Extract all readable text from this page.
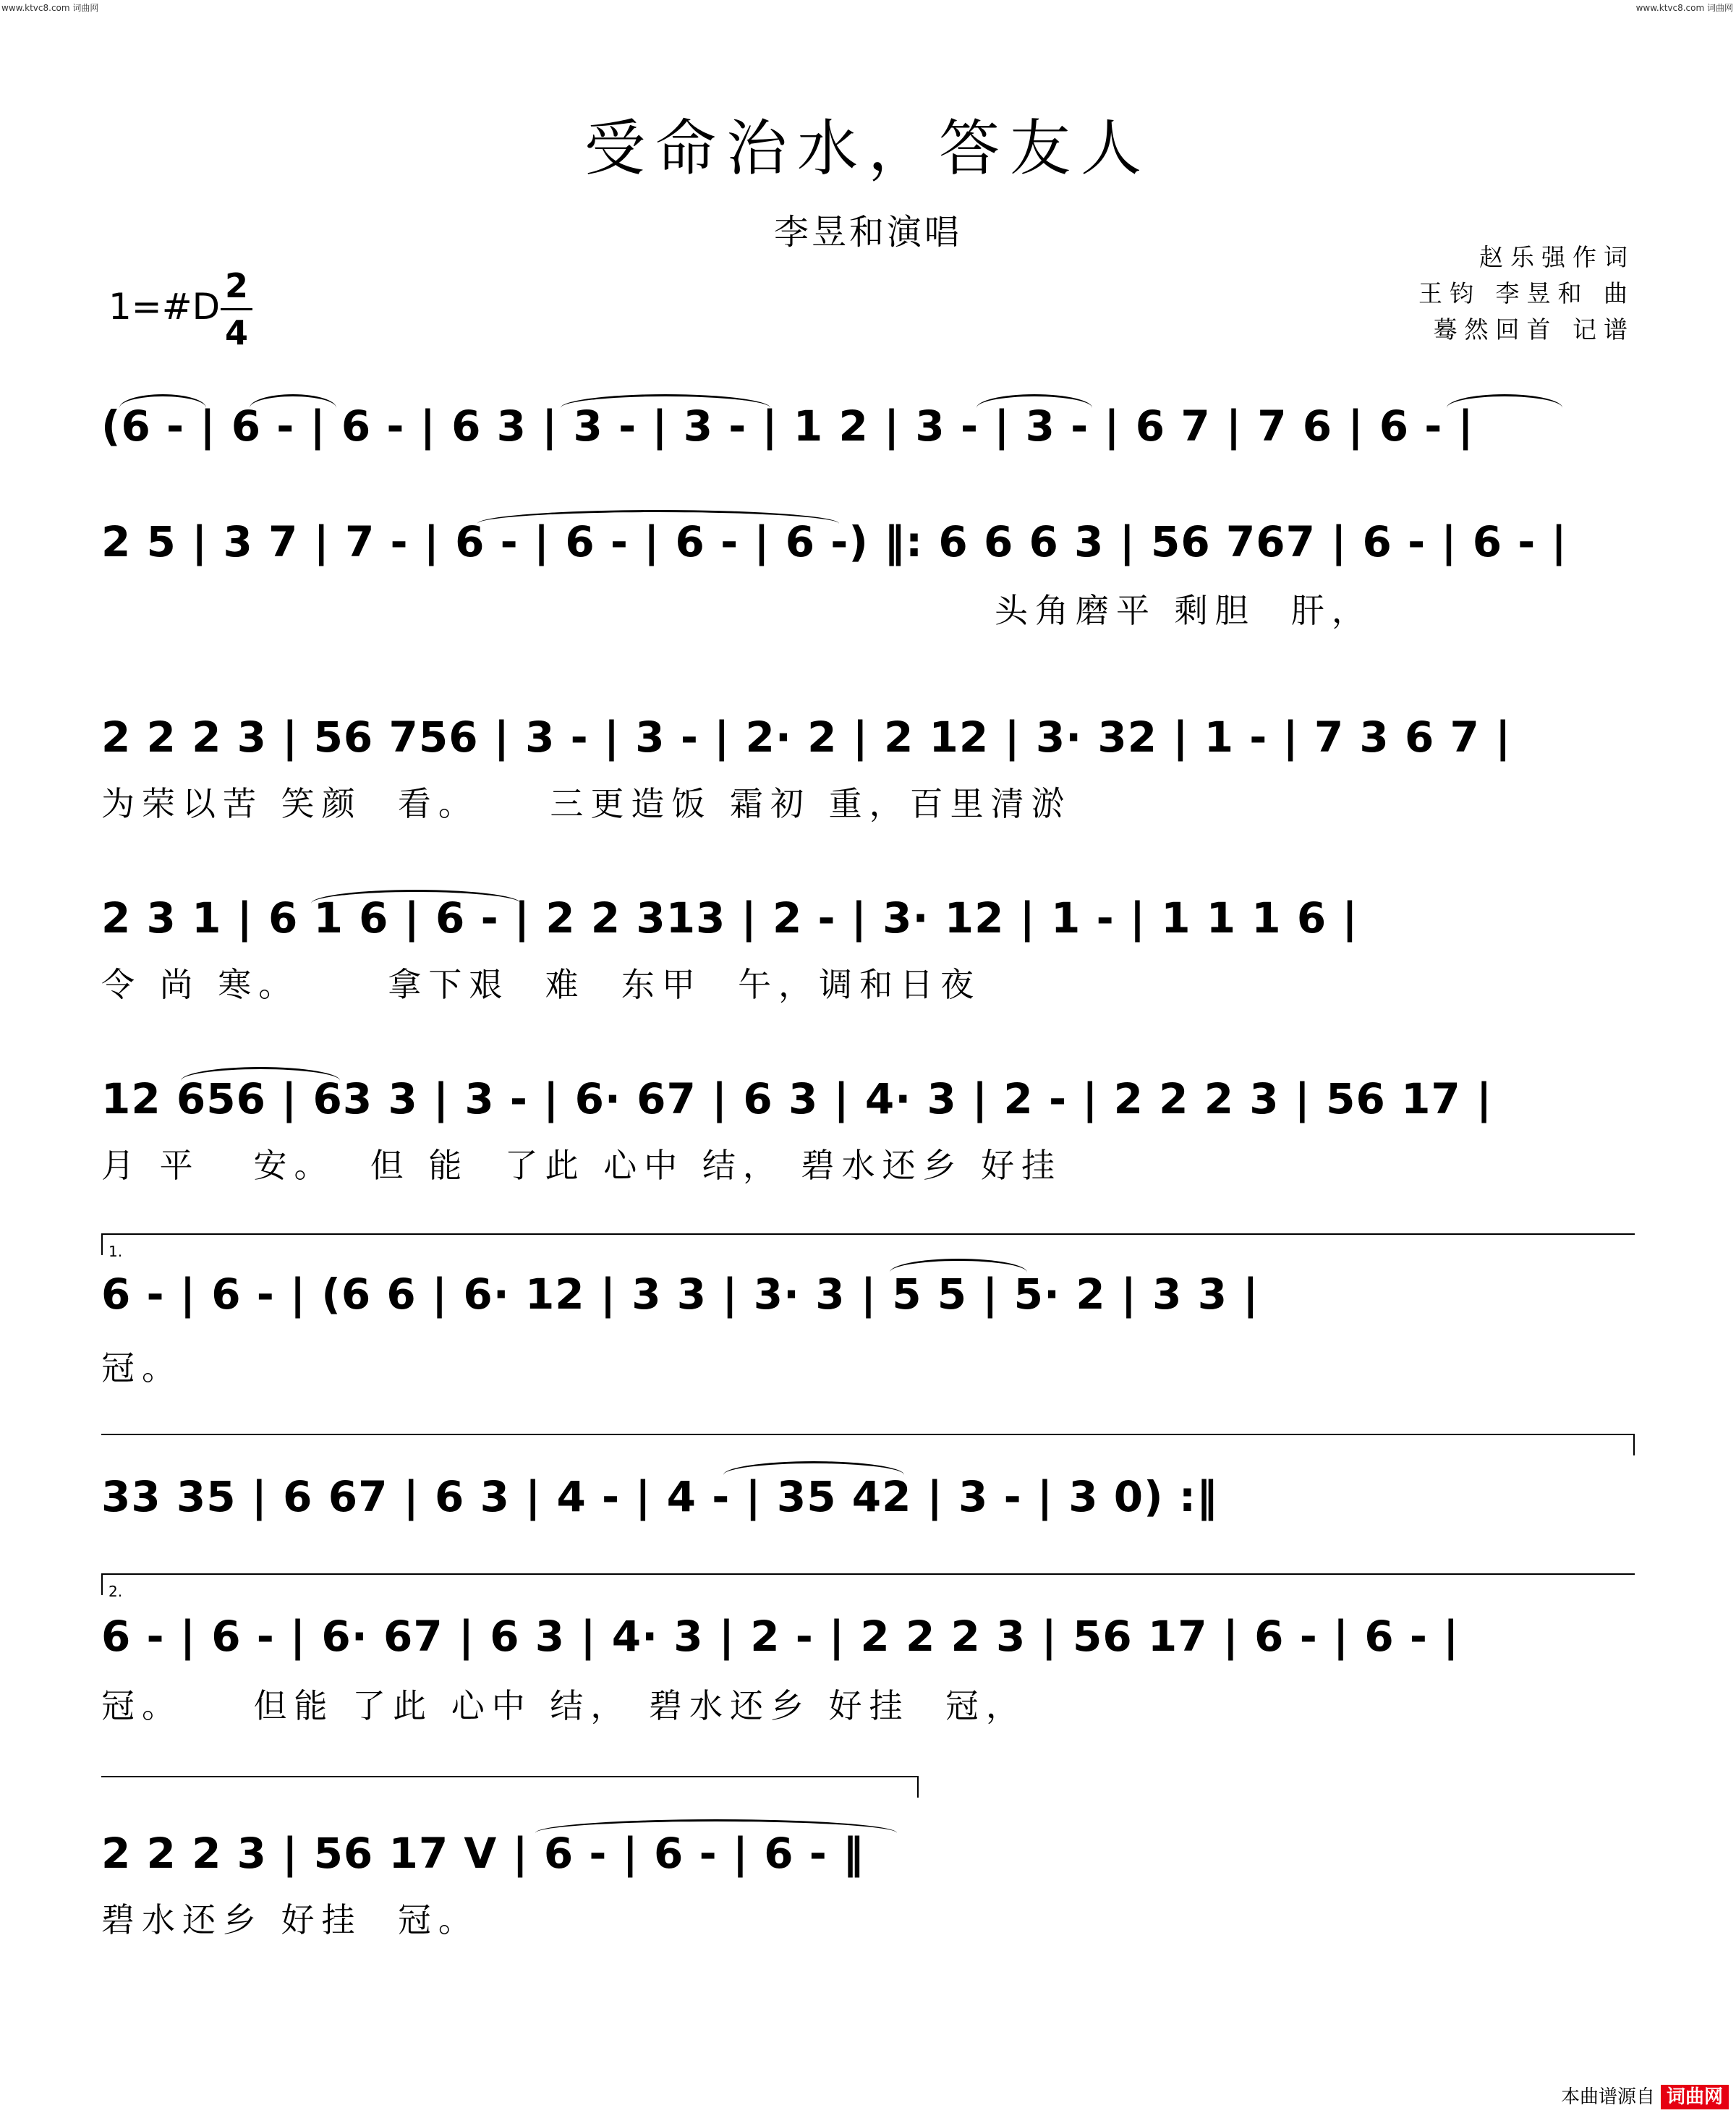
www.ktvc8.com 词曲网	www.ktvc8.com 词曲网
受命治水，答友人
李昱和演唱
赵乐强作词
王钧 李昱和 曲
蓦然回首 记谱
1=#D 2
4
(6 - | 6 - | 6 - | 6 3 | 3 - | 3 - | 1 2 | 3 - | 3 - | 6 7 | 7 6 | 6 - |
2 5 | 3 7 | 7 - | 6 - | 6 - | 6 - | 6 -) ‖: 6 6 6 3 | 56 767 | 6 - | 6 - |
头角磨平 剩胆  肝，
2 2 2 3 | 56 756 | 3 - | 3 - | 2· 2 | 2 12 | 3· 32 | 1 - | 7 3 6 7 |
为荣以苦 笑颜  看。    三更造饭 霜初 重，百里清淤
2 3 1 | 6 1 6 | 6 - | 2 2 313 | 2 - | 3· 12 | 1 - | 1 1 1 6 |
令 尚 寒。     拿下艰  难  东甲  午，调和日夜
12 656 | 63 3 | 3 - | 6· 67 | 6 3 | 4· 3 | 2 - | 2 2 2 3 | 56 17 |
月 平   安。  但 能  了此 心中 结， 碧水还乡 好挂
1.
6 - | 6 - | (6 6 | 6· 12 | 3 3 | 3· 3 | 5 5 | 5· 2 | 3 3 |
冠。
33 35 | 6 67 | 6 3 | 4 - | 4 - | 35 42 | 3 - | 3 0) :‖
2.
6 - | 6 - | 6· 67 | 6 3 | 4· 3 | 2 - | 2 2 2 3 | 56 17 | 6 - | 6 - |
冠。    但能 了此 心中 结， 碧水还乡 好挂  冠，
2 2 2 3 | 56 17 V | 6 - | 6 - | 6 - ‖
碧水还乡 好挂  冠。
本曲谱源自 词曲网
